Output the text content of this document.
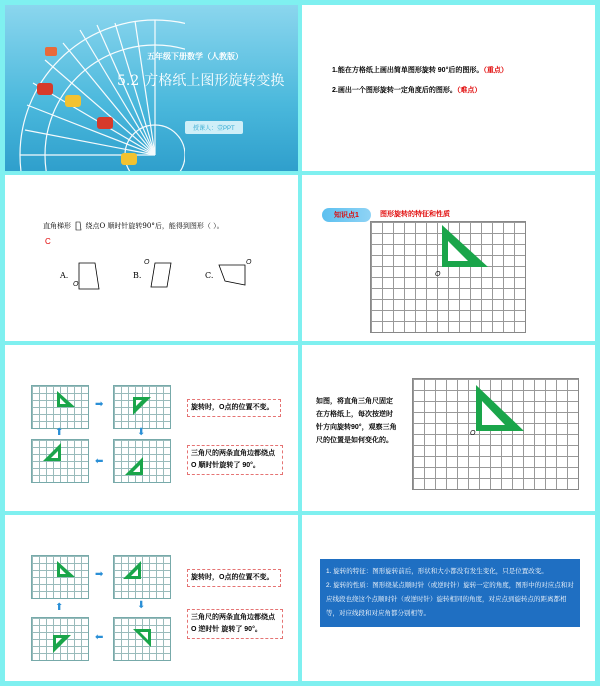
五年级下册数学（人教版）
5.2 方格纸上图形旋转变换
授课人：壹PPT
1.能在方格纸上画出简单图形旋转 90°后的图形。（重点）
2.画出一个图形旋转一定角度后的图形。（难点）
直角梯形 绕点O 顺时针旋转90°后，能得到图形（ ）。
C
A.
O
B.
O
C.
O
知识点1	图形旋转的特征和性质
O
➡
⬇
⬅
⬆
旋转时，O点的位置不变。
三角尺的两条直角边都绕点O 顺时针旋转了 90°。
如图，将直角三角尺固定在方格纸上，每次按逆时针方向旋转90°，观察三角尺的位置是如何变化的。
O
➡
⬇
⬅
⬆
旋转时，O点的位置不变。
三角尺的两条直角边都绕点O 逆时针 旋转了 90°。
1. 旋转的特征：图形旋转前后，形状和大小都没有发生变化，只是位置改变。
2. 旋转的性质：图形绕某点顺时针（或逆时针）旋转一定的角度，图形中的对应点和对应线段也绕这个点顺时针（或逆时针）旋转相同的角度，对应点到旋转点的距离都相等，对应线段和对应角都分别相等。
